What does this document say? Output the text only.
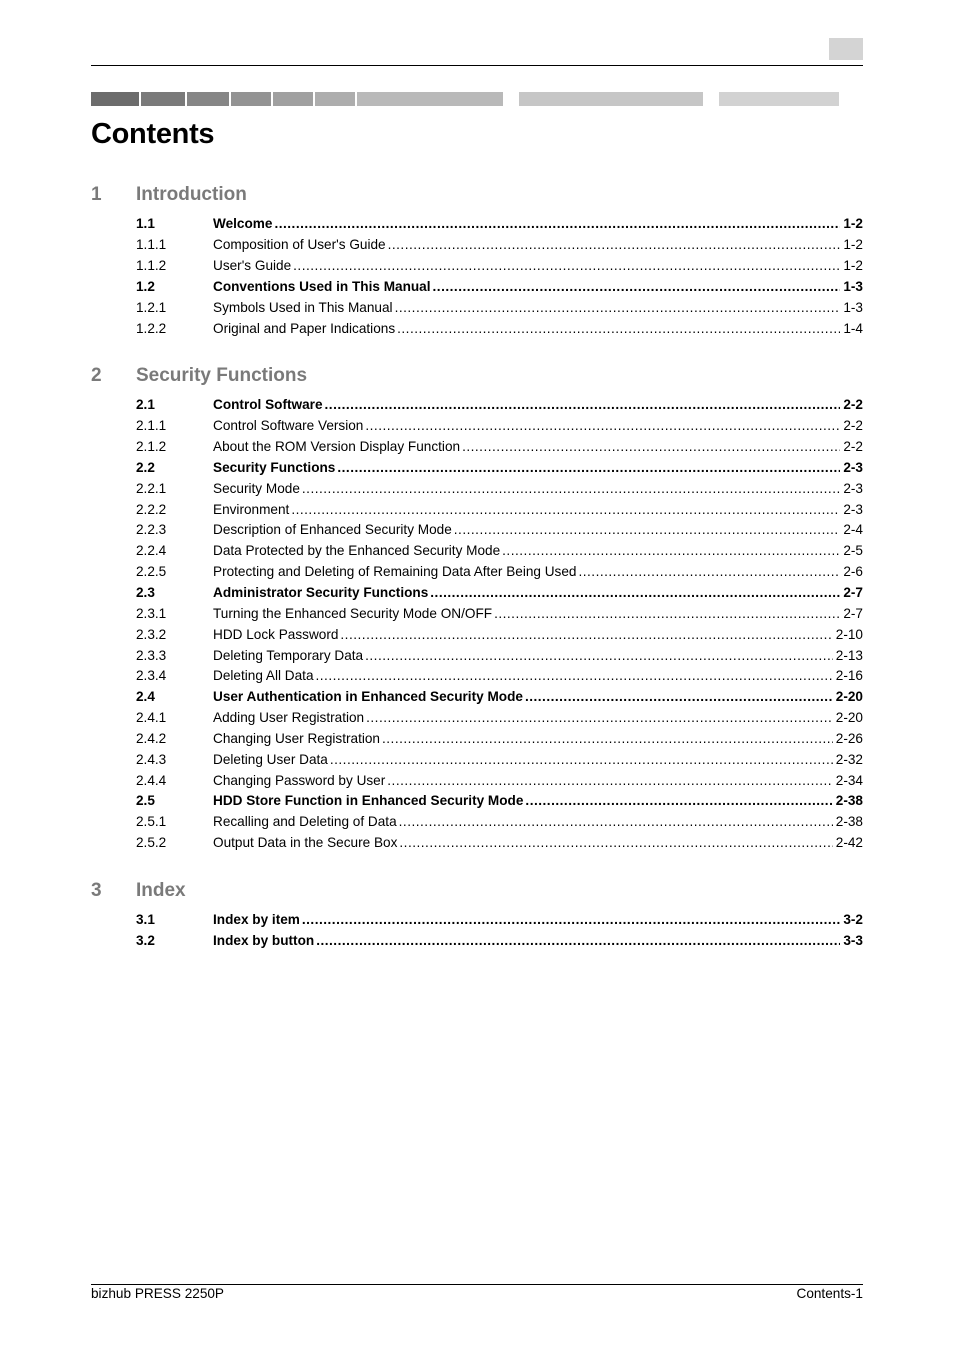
Contents
1 Introduction
1.1	Welcome .....	1-2
1.1.1	Composition of User's Guide .....	1-2
1.1.2	User's Guide .....	1-2
1.2	Conventions Used in This Manual .....	1-3
1.2.1	Symbols Used in This Manual .....	1-3
1.2.2	Original and Paper Indications .....	1-4
2 Security Functions
2.1	Control Software .....	2-2
2.1.1	Control Software Version .....	2-2
2.1.2	About the ROM Version Display Function .....	2-2
2.2	Security Functions .....	2-3
2.2.1	Security Mode .....	2-3
2.2.2	Environment .....	2-3
2.2.3	Description of Enhanced Security Mode .....	2-4
2.2.4	Data Protected by the Enhanced Security Mode .....	2-5
2.2.5	Protecting and Deleting of Remaining Data After Being Used .....	2-6
2.3	Administrator Security Functions .....	2-7
2.3.1	Turning the Enhanced Security Mode ON/OFF .....	2-7
2.3.2	HDD Lock Password .....	2-10
2.3.3	Deleting Temporary Data .....	2-13
2.3.4	Deleting All Data .....	2-16
2.4	User Authentication in Enhanced Security Mode .....	2-20
2.4.1	Adding User Registration .....	2-20
2.4.2	Changing User Registration .....	2-26
2.4.3	Deleting User Data .....	2-32
2.4.4	Changing Password by User .....	2-34
2.5	HDD Store Function in Enhanced Security Mode .....	2-38
2.5.1	Recalling and Deleting of Data .....	2-38
2.5.2	Output Data in the Secure Box .....	2-42
3 Index
3.1	Index by item .....	3-2
3.2	Index by button .....	3-3
bizhub PRESS 2250P	Contents-1
